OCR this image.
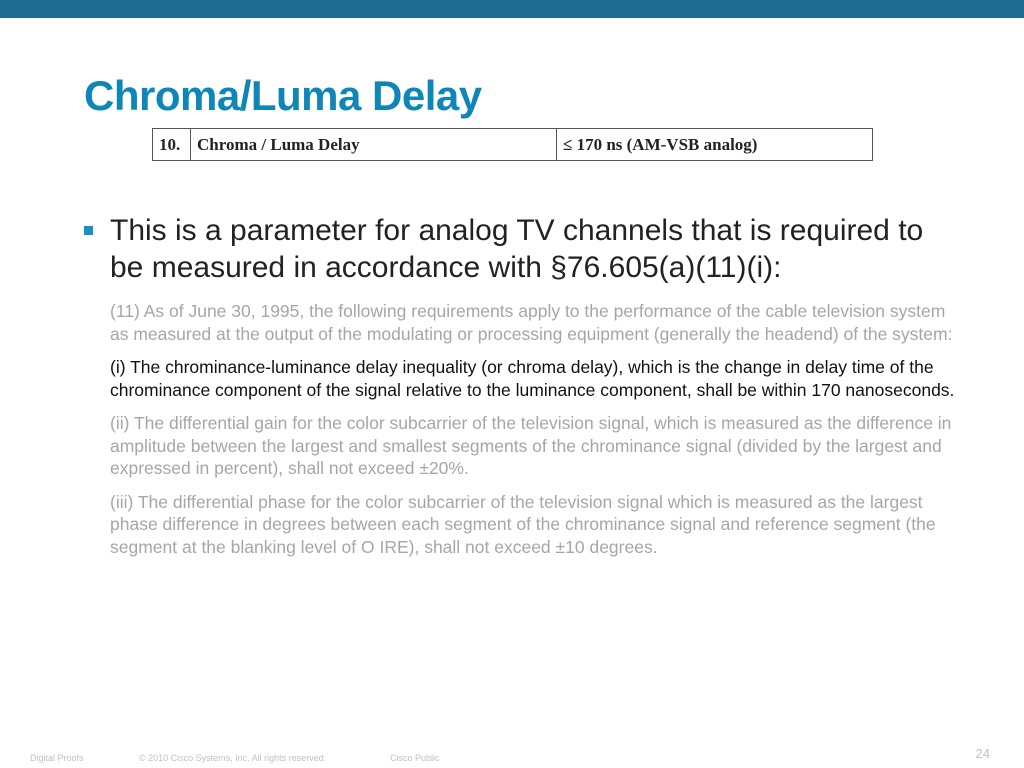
Chroma/Luma Delay
10.	Chroma / Luma Delay	≤ 170 ns (AM-VSB analog)
This is a parameter for analog TV channels that is required to be measured in accordance with §76.605(a)(11)(i):

(11) As of June 30, 1995, the following requirements apply to the performance of the cable television system as measured at the output of the modulating or processing equipment (generally the headend) of the system:

(i) The chrominance-luminance delay inequality (or chroma delay), which is the change in delay time of the chrominance component of the signal relative to the luminance component, shall be within 170 nanoseconds.

(ii) The differential gain for the color subcarrier of the television signal, which is measured as the difference in amplitude between the largest and smallest segments of the chrominance signal (divided by the largest and expressed in percent), shall not exceed ±20%.

(iii) The differential phase for the color subcarrier of the television signal which is measured as the largest phase difference in degrees between each segment of the chrominance signal and reference segment (the segment at the blanking level of O IRE), shall not exceed ±10 degrees.

Digital Proofs	© 2010 Cisco Systems, Inc. All rights reserved.	Cisco Public	24
